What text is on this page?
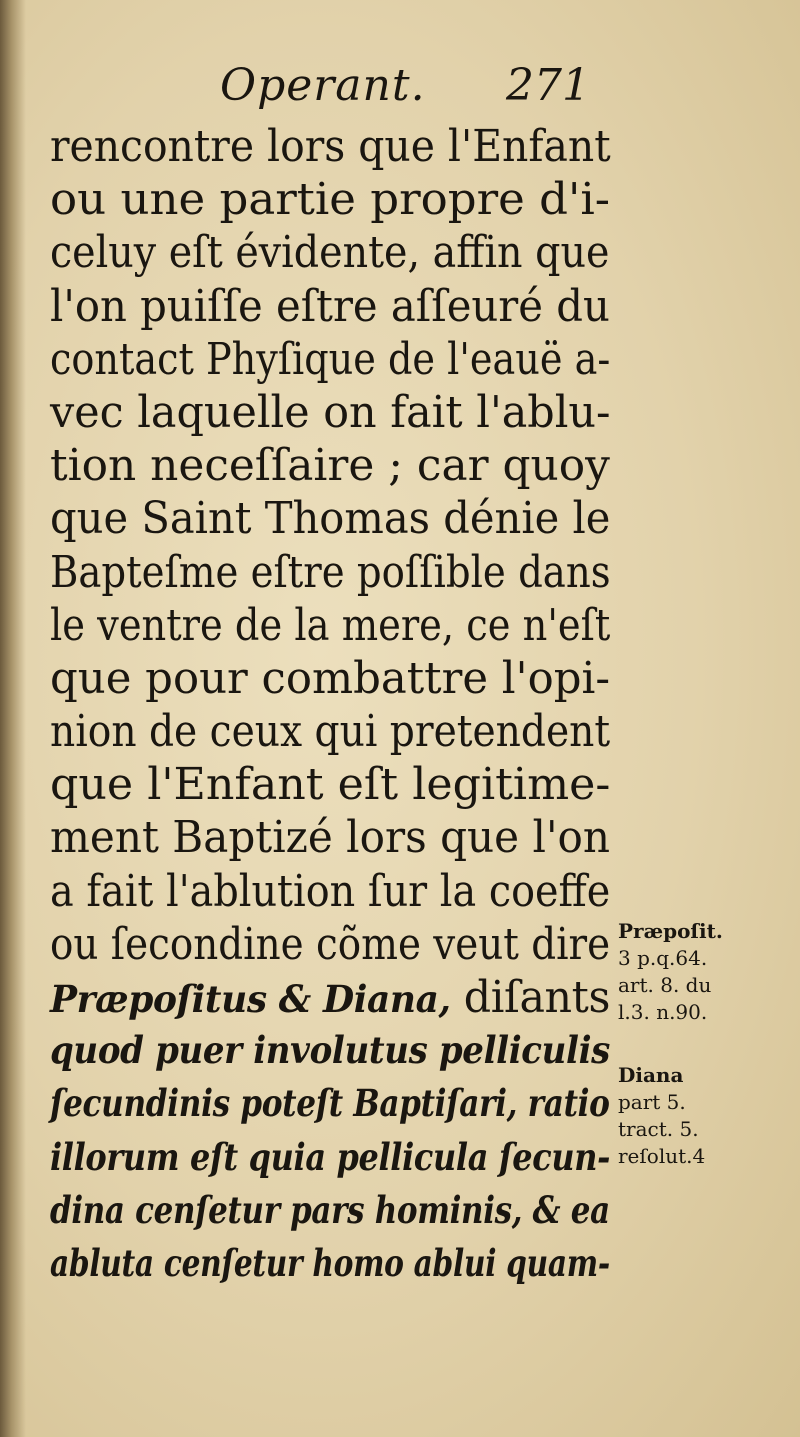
Operant. 271
rencontre lors que l'Enfant
ou une partie propre d'i-
celuy eſt évidente, affin que
l'on puiſſe eſtre aſſeuré du
contact Phyſique de l'eauë a-
vec laquelle on fait l'ablu-
tion neceſſaire ; car quoy
que Saint Thomas dénie le
Bapteſme eſtre poſſible dans
le ventre de la mere, ce n'eſt
que pour combattre l'opi-
nion de ceux qui pretendent
que l'Enfant eſt legitime-
ment Baptizé lors que l'on
a fait l'ablution ſur la coeffe
ou ſecondine cõme veut dire
Præpoſitus & Diana, diſants
quod puer involutus pelliculis
ſecundinis poteſt Baptiſari, ratio
illorum eſt quia pellicula ſecun-
dina cenſetur pars hominis, & ea
abluta cenſetur homo ablui quam-
Præpoſit.
3 p.q.64.
art. 8. du
l.3. n.90.
Diana
part 5.
tract. 5.
reſolut.4
